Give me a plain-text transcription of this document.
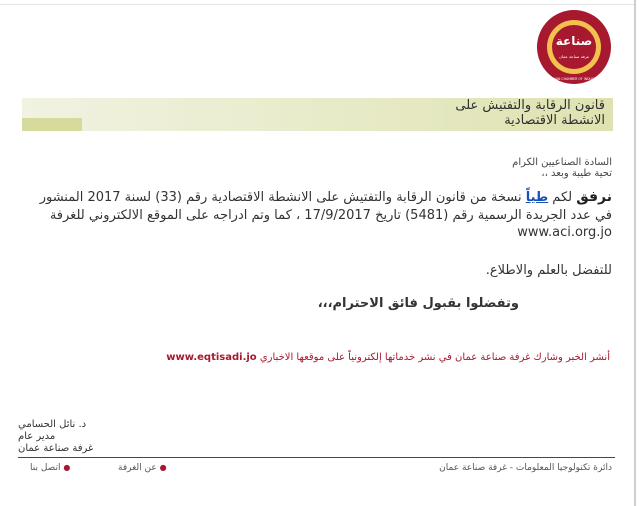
صناعة
غرفة صناعة عمان
AMMAN CHAMBER OF INDUSTRY
قانون الرقابة والتفتيش على
الانشطة الاقتصادية
السادة الصناعيين الكرام
تحية طيبة وبعد ،،
نرفق لكم طياً نسخة من قانون الرقابة والتفتيش على الانشطة الاقتصادية رقم (33) لسنة 2017 المنشور في عدد الجريدة الرسمية رقم (5481) تاريخ 17/9/2017 ، كما وتم ادراجه على الموقع الالكتروني للغرفة www.aci.org.jo
للتفضل بالعلم والاطلاع.
وتفضلوا بقبول فائق الاحترام،،،
أنشر الخبر وشارك غرفة صناعة عمان في نشر خدماتها إلكترونياً على موقعها الاخباري www.eqtisadi.jo
د. نائل الحسامي
مدير عام
غرفة صناعة عمان
اتصل بنا ●	عن الغرفة ●	دائرة تكنولوجيا المعلومات - غرفة صناعة عمان
